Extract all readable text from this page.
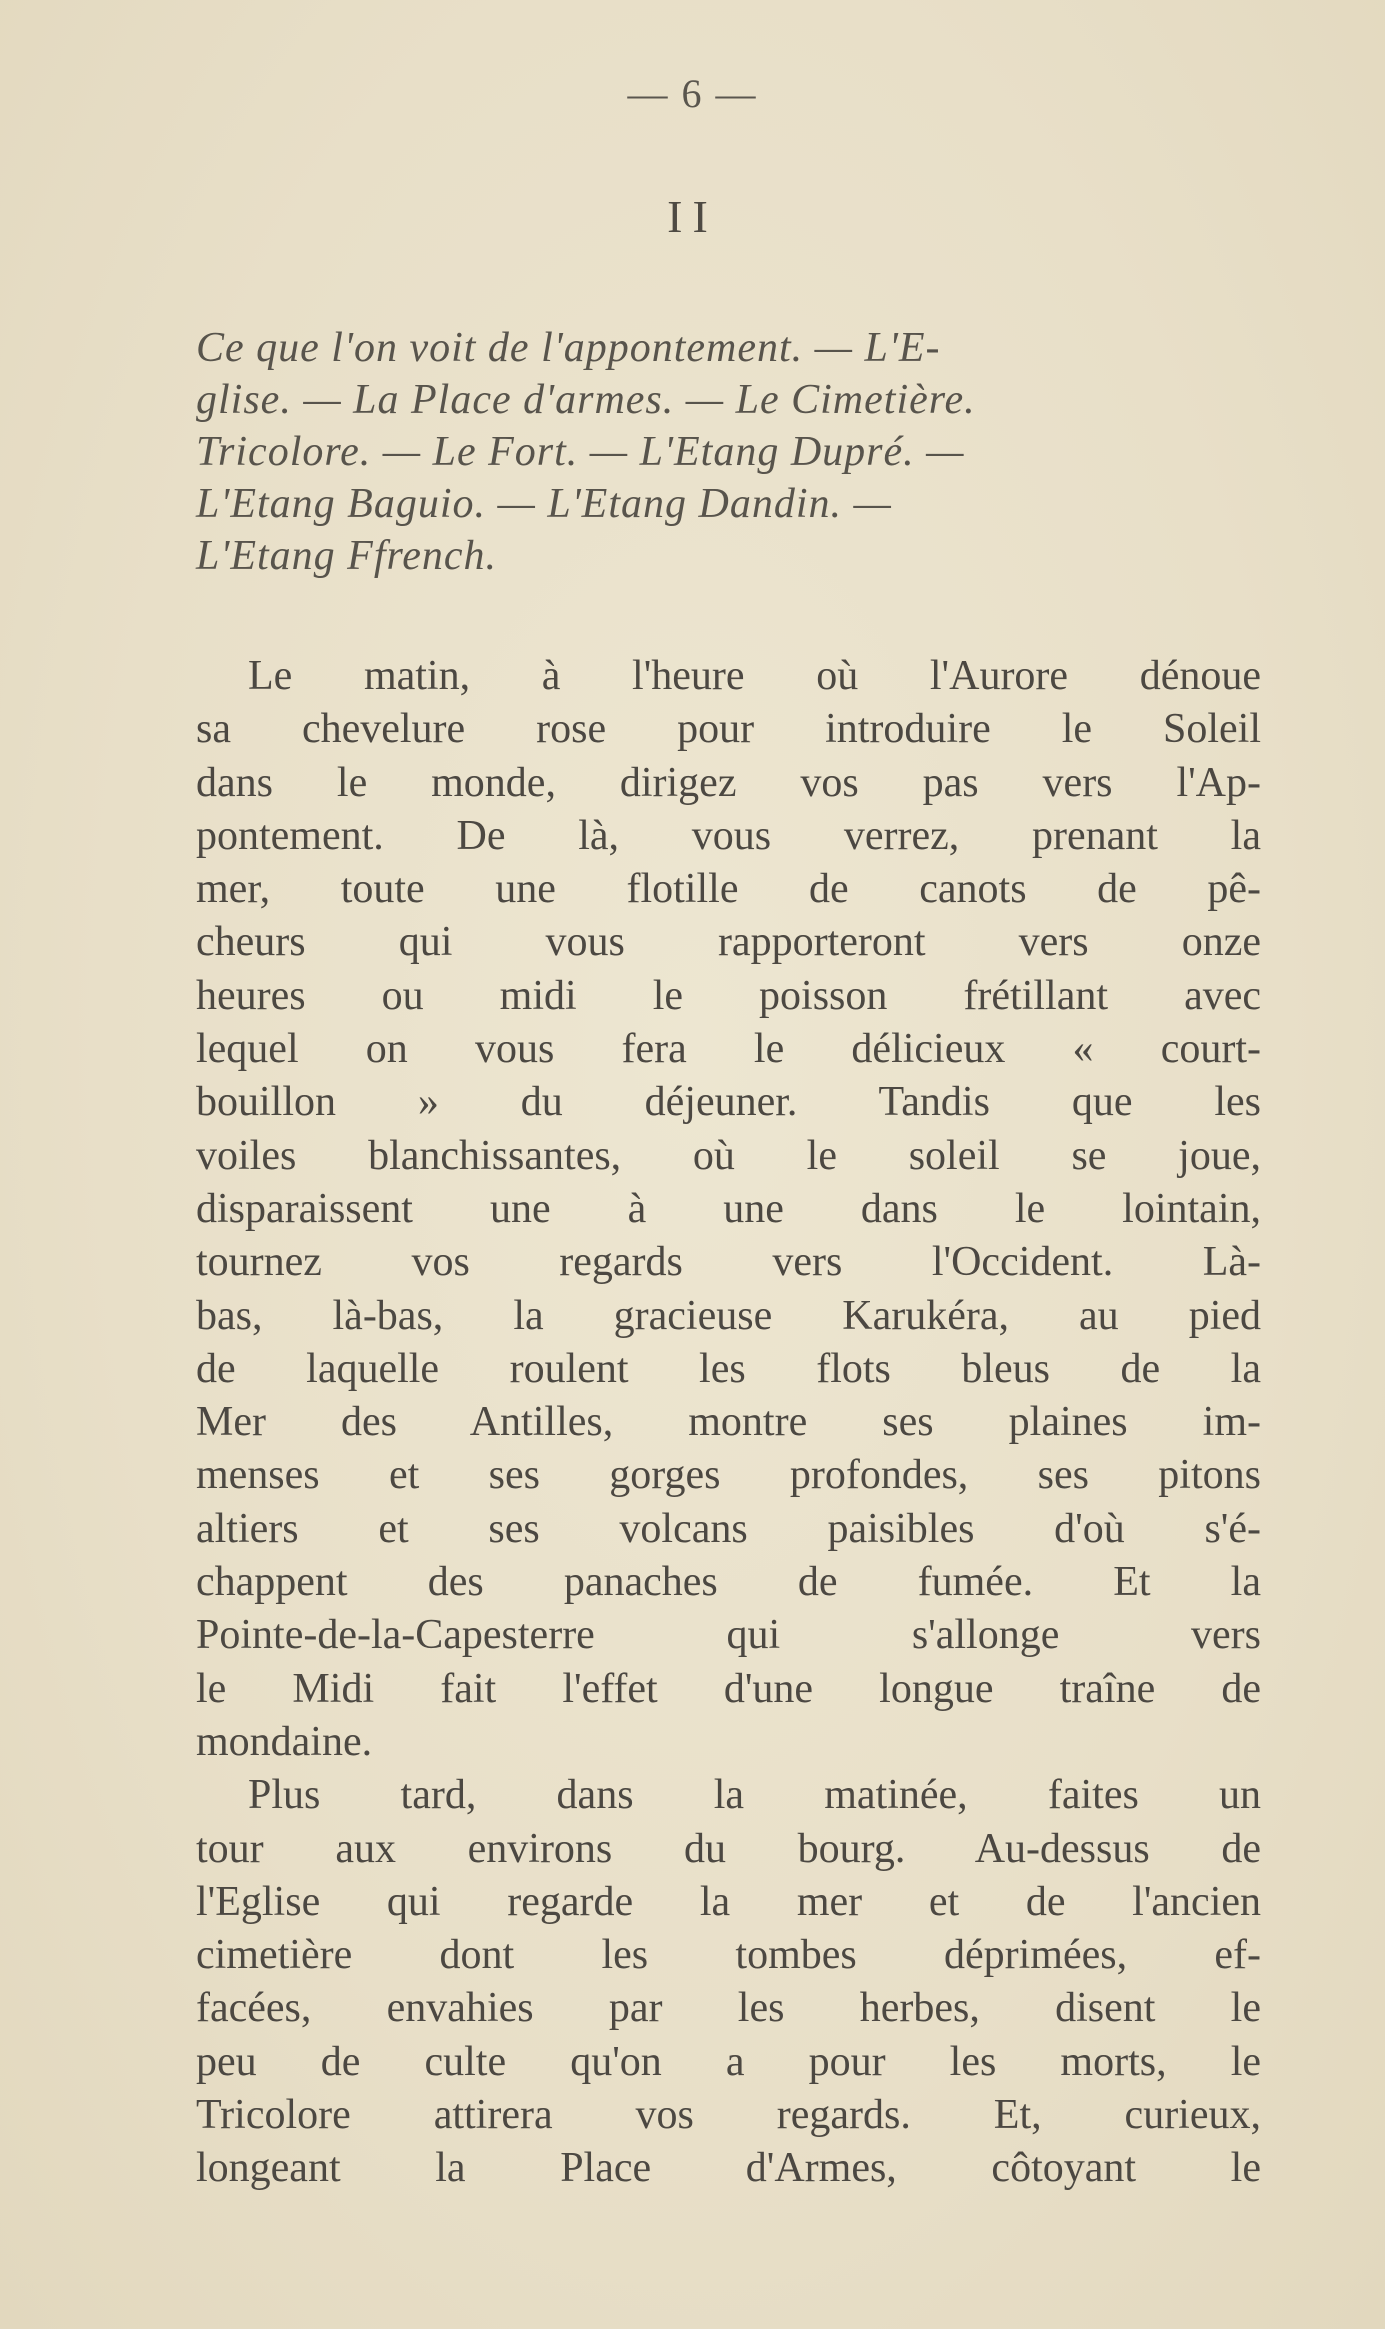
— 6 —
II
Ce que l'on voit de l'appontement. — L'E-
glise. — La Place d'armes. — Le Cimetière.
Tricolore. — Le Fort. — L'Etang Dupré. —
L'Etang Baguio. — L'Etang Dandin. —
L'Etang Ffrench.
Le matin, à l'heure où l'Aurore dénoue
sa chevelure rose pour introduire le Soleil
dans le monde, dirigez vos pas vers l'Ap-
pontement. De là, vous verrez, prenant la
mer, toute une flotille de canots de pê-
cheurs qui vous rapporteront vers onze
heures ou midi le poisson frétillant avec
lequel on vous fera le délicieux « court-
bouillon » du déjeuner. Tandis que les
voiles blanchissantes, où le soleil se joue,
disparaissent une à une dans le lointain,
tournez vos regards vers l'Occident. Là-
bas, là-bas, la gracieuse Karukéra, au pied
de laquelle roulent les flots bleus de la
Mer des Antilles, montre ses plaines im-
menses et ses gorges profondes, ses pitons
altiers et ses volcans paisibles d'où s'é-
chappent des panaches de fumée. Et la
Pointe-de-la-Capesterre qui s'allonge vers
le Midi fait l'effet d'une longue traîne de
mondaine.
Plus tard, dans la matinée, faites un
tour aux environs du bourg. Au-dessus de
l'Eglise qui regarde la mer et de l'ancien
cimetière dont les tombes déprimées, ef-
facées, envahies par les herbes, disent le
peu de culte qu'on a pour les morts, le
Tricolore attirera vos regards. Et, curieux,
longeant la Place d'Armes, côtoyant le
